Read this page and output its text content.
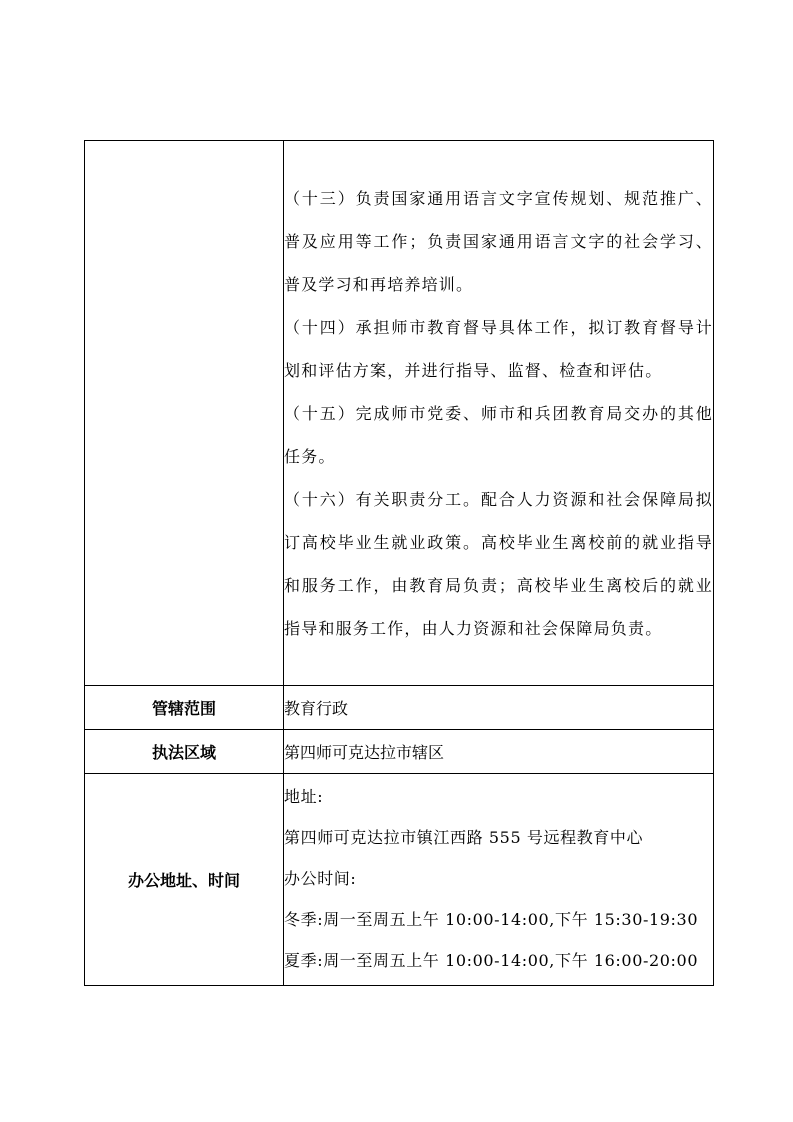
	（十三）负责国家通用语言文字宣传规划、规范推广、普及应用等工作；负责国家通用语言文字的社会学习、普及学习和再培养培训。

（十四）承担师市教育督导具体工作，拟订教育督导计划和评估方案，并进行指导、监督、检查和评估。

（十五）完成师市党委、师市和兵团教育局交办的其他任务。

（十六）有关职责分工。配合人力资源和社会保障局拟订高校毕业生就业政策。高校毕业生离校前的就业指导和服务工作，由教育局负责；高校毕业生离校后的就业指导和服务工作，由人力资源和社会保障局负责。

管辖范围	教育行政
执法区域	第四师可克达拉市辖区
办公地址、时间	地址:

第四师可克达拉市镇江西路 555 号远程教育中心

办公时间:

冬季:周一至周五上午 10:00-14:00,下午 15:30-19:30

夏季:周一至周五上午 10:00-14:00,下午 16:00-20:00
